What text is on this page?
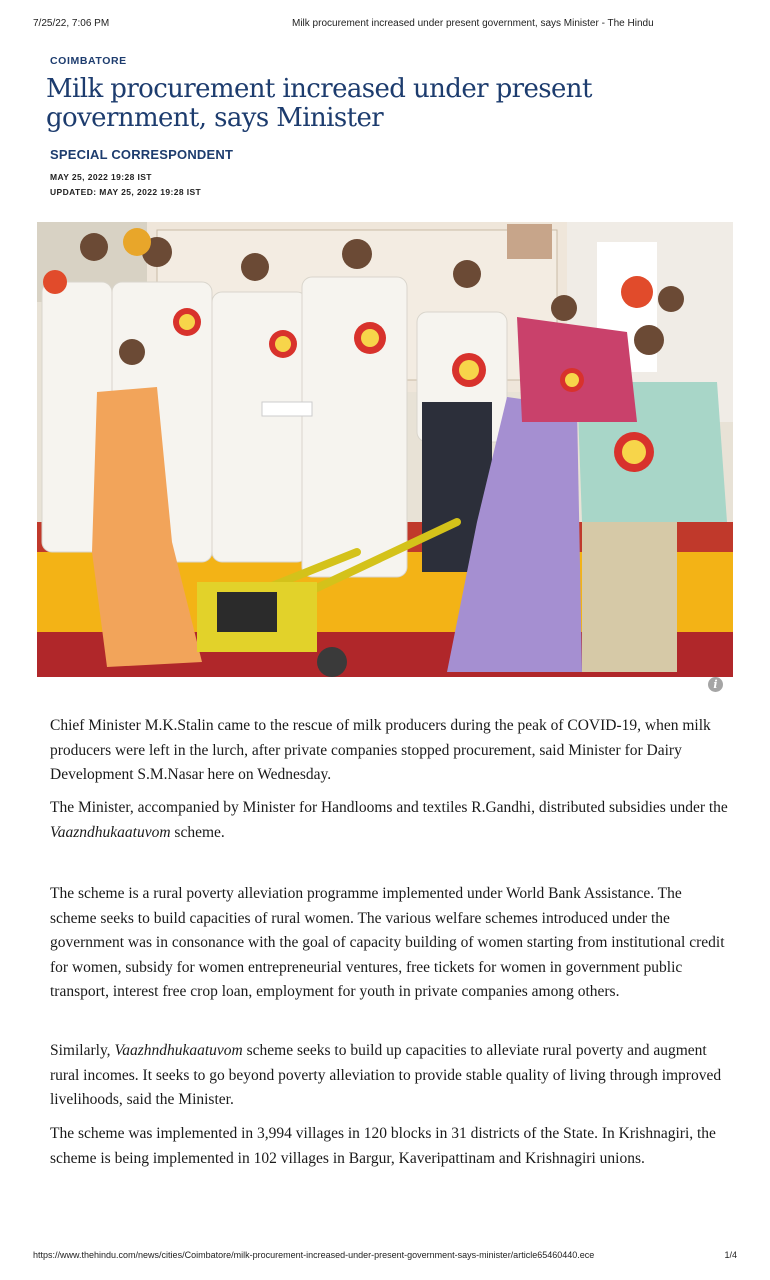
7/25/22, 7:06 PM	Milk procurement increased under present government, says Minister - The Hindu
COIMBATORE
Milk procurement increased under present government, says Minister
SPECIAL CORRESPONDENT
MAY 25, 2022 19:28 IST
UPDATED: MAY 25, 2022 19:28 IST
i

Chief Minister M.K.Stalin came to the rescue of milk producers during the peak of COVID-19, when milk producers were left in the lurch, after private companies stopped procurement, said Minister for Dairy Development S.M.Nasar here on Wednesday.

The Minister, accompanied by Minister for Handlooms and textiles R.Gandhi, distributed subsidies under the Vaazndhukaatuvom scheme.

The scheme is a rural poverty alleviation programme implemented under World Bank Assistance. The scheme seeks to build capacities of rural women. The various welfare schemes introduced under the government was in consonance with the goal of capacity building of women starting from institutional credit for women, subsidy for women entrepreneurial ventures, free tickets for women in government public transport, interest free crop loan, employment for youth in private companies among others.

Similarly, Vaazhndhukaatuvom scheme seeks to build up capacities to alleviate rural poverty and augment rural incomes. It seeks to go beyond poverty alleviation to provide stable quality of living through improved livelihoods, said the Minister.

The scheme was implemented in 3,994 villages in 120 blocks in 31 districts of the State. In Krishnagiri, the scheme is being implemented in 102 villages in Bargur, Kaveripattinam and Krishnagiri unions.

https://www.thehindu.com/news/cities/Coimbatore/milk-procurement-increased-under-present-government-says-minister/article65460440.ece	1/4
